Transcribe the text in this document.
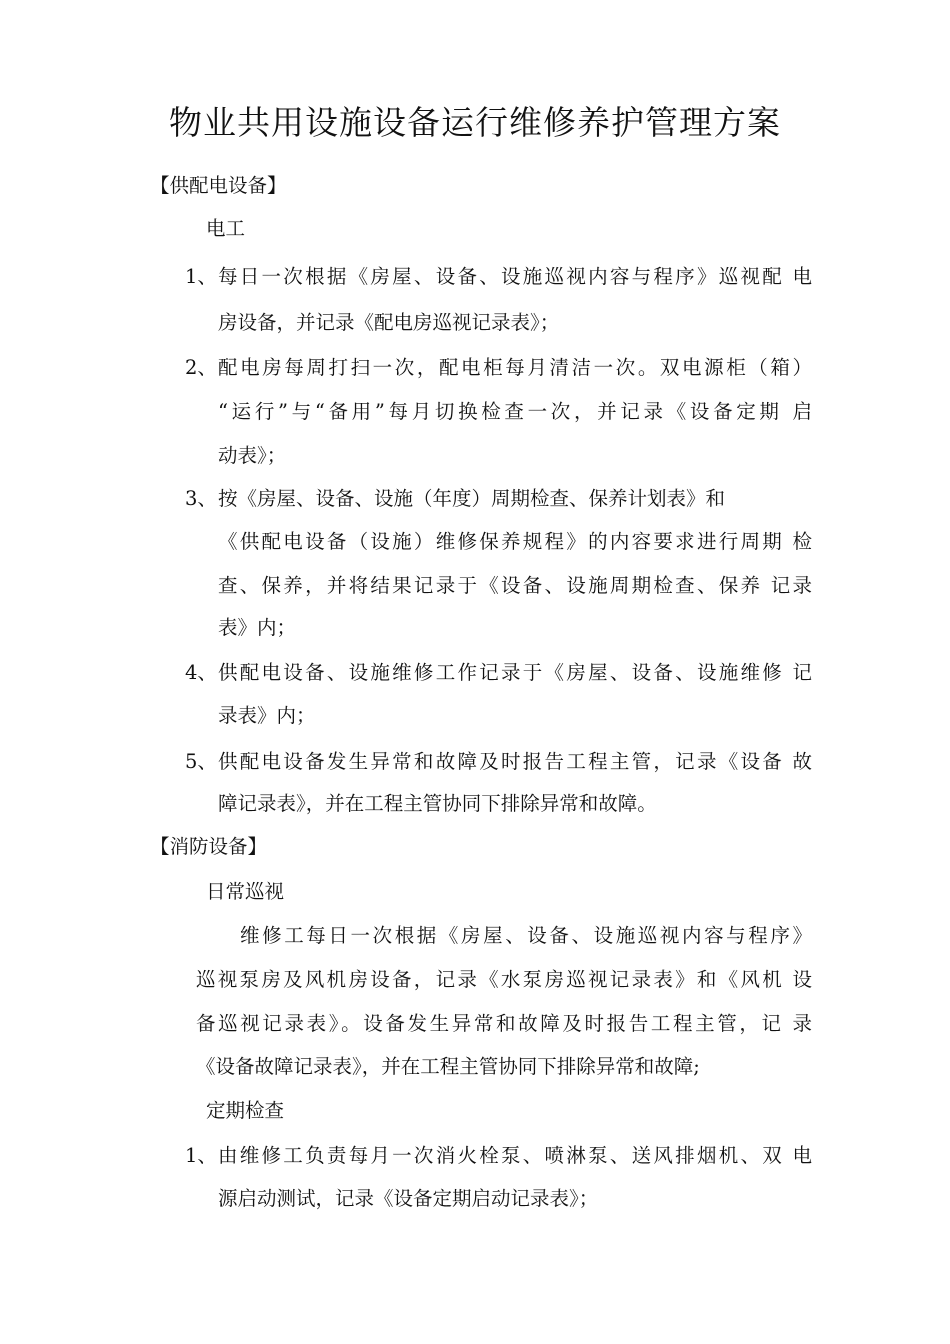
物业共用设施设备运行维修养护管理方案
【供配电设备】
电工
1、 每日一次根据《房屋、设备、设施巡视内容与程序》巡视配 电
房设备，并记录《配电房巡视记录表》；
2、 配电房每周打扫一次，配电柜每月清洁一次。双电源柜（箱）
“运行”与“备用”每月切换检查一次，并记录《设备定期 启
动表》；
3、 按《房屋、设备、设施（年度）周期检查、保养计划表》和
《供配电设备（设施）维修保养规程》的内容要求进行周期 检
查、保养，并将结果记录于《设备、设施周期检查、保养 记录
表》内；
4、 供配电设备、设施维修工作记录于《房屋、设备、设施维修 记
录表》内；
5、 供配电设备发生异常和故障及时报告工程主管，记录《设备 故
障记录表》，并在工程主管协同下排除异常和故障。
【消防设备】
日常巡视
维修工每日一次根据《房屋、设备、设施巡视内容与程序》
巡视泵房及风机房设备，记录《水泵房巡视记录表》和《风机 设
备巡视记录表》。设备发生异常和故障及时报告工程主管，记 录
《设备故障记录表》，并在工程主管协同下排除异常和故障;
定期检查
1、 由维修工负责每月一次消火栓泵、喷淋泵、送风排烟机、双 电
源启动测试，记录《设备定期启动记录表》；
